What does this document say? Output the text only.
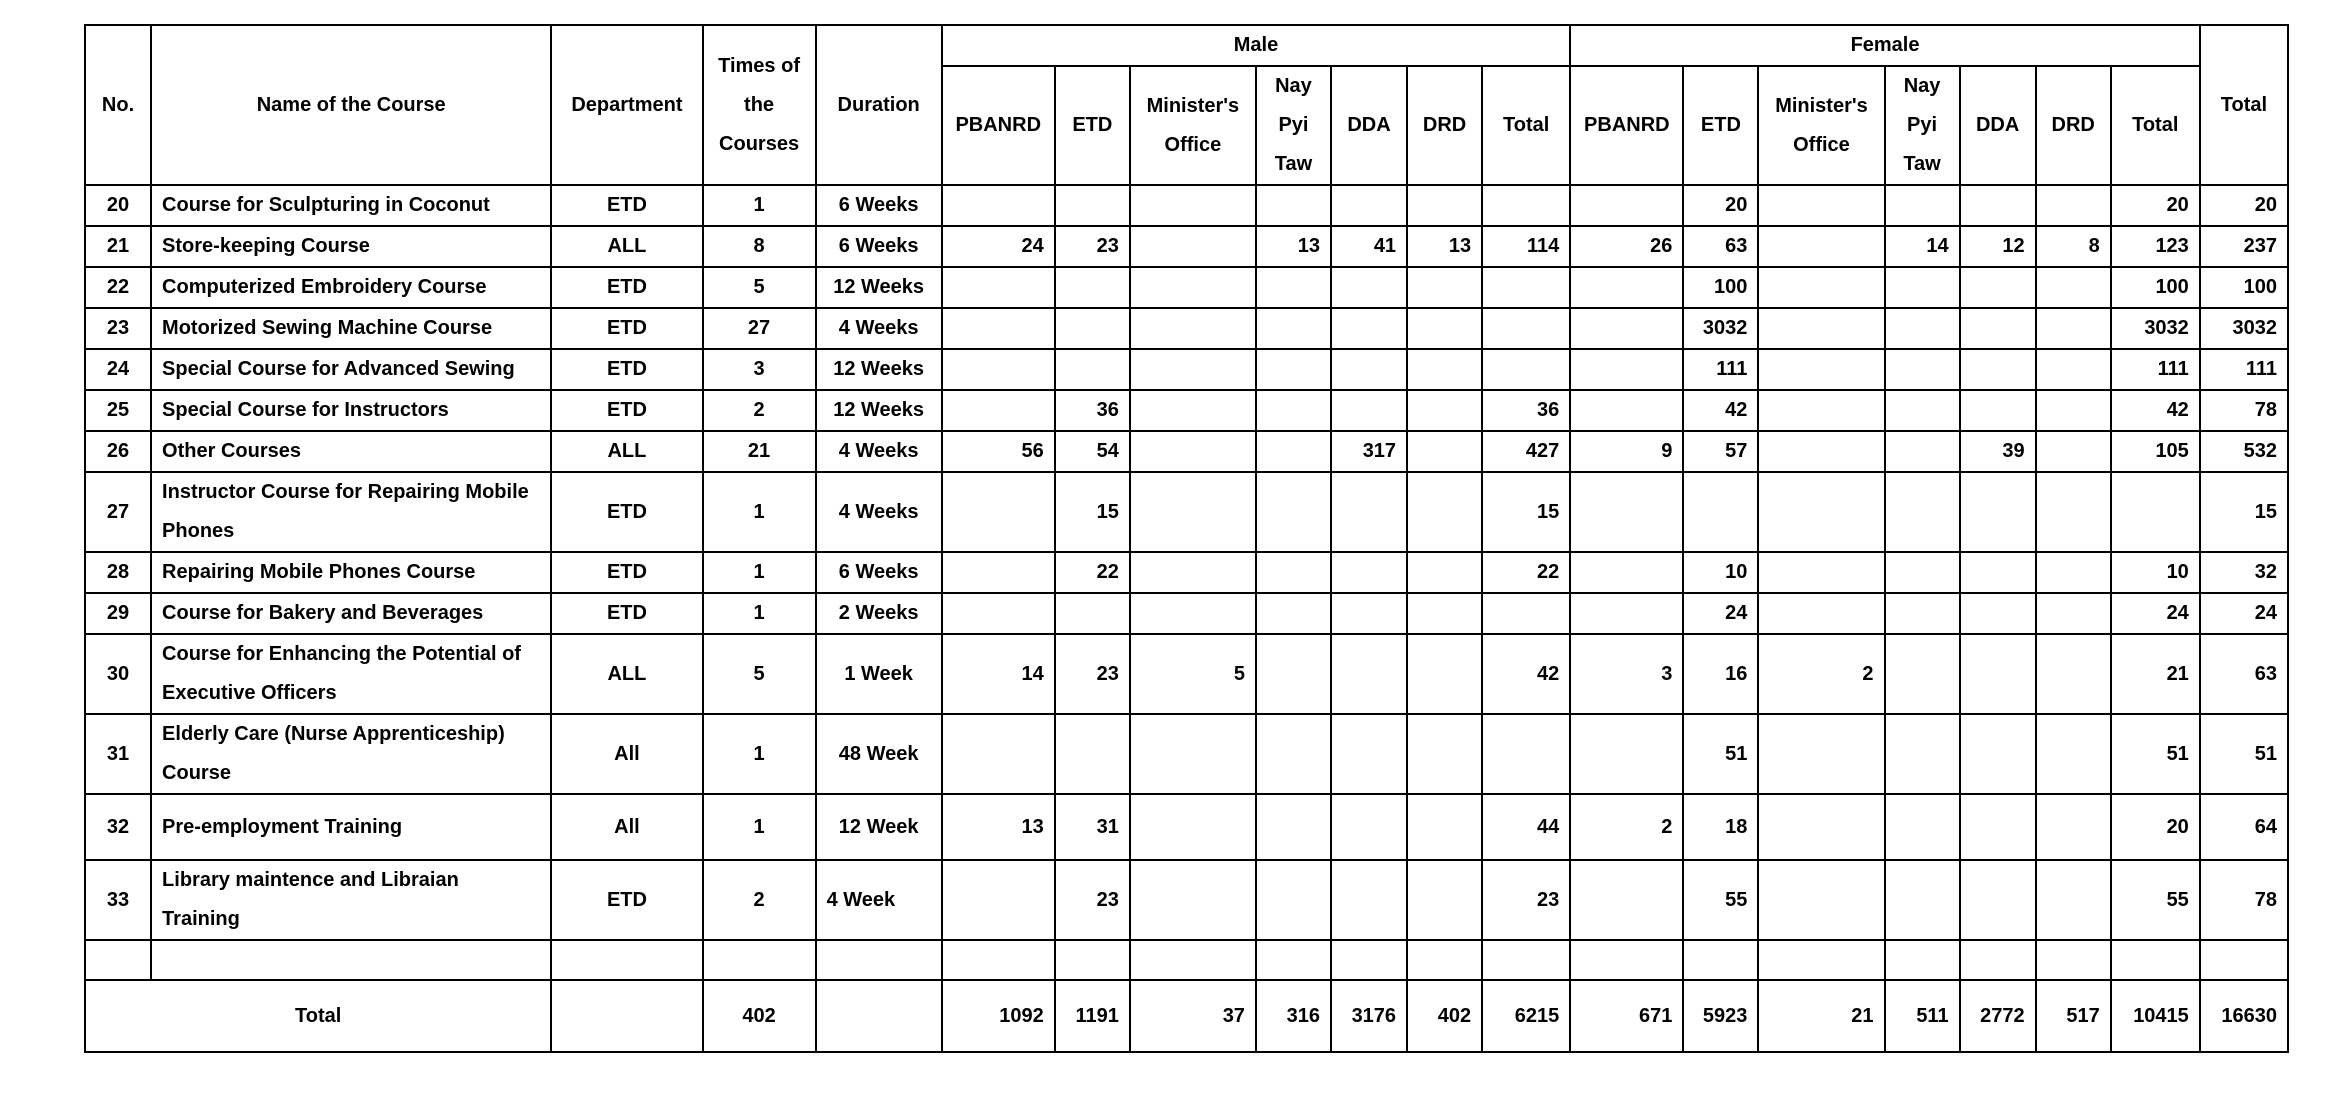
No.	Name of the Course	Department	Times of the Courses	Duration	Male							Female							Total
					PBANRD	ETD	Minister's Office	Nay Pyi Taw	DDA	DRD	Total	PBANRD	ETD	Minister's Office	Nay Pyi Taw	DDA	DRD	Total	
20	Course for Sculpturing in Coconut	ETD	1	6 Weeks									20					20	20
21	Store-keeping Course	ALL	8	6 Weeks	24	23		13	41	13	114	26	63		14	12	8	123	237
22	Computerized Embroidery Course	ETD	5	12 Weeks									100					100	100
23	Motorized Sewing Machine Course	ETD	27	4 Weeks									3032					3032	3032
24	Special Course for Advanced Sewing	ETD	3	12 Weeks									111					111	111
25	Special Course for Instructors	ETD	2	12 Weeks		36					36		42					42	78
26	Other Courses	ALL	21	4 Weeks	56	54			317		427	9	57			39		105	532
27	Instructor Course for Repairing Mobile Phones	ETD	1	4 Weeks		15					15								15
28	Repairing Mobile Phones Course	ETD	1	6 Weeks		22					22		10					10	32
29	Course for Bakery and Beverages	ETD	1	2 Weeks									24					24	24
30	Course for Enhancing the Potential of Executive Officers	ALL	5	1 Week	14	23	5				42	3	16	2				21	63
31	Elderly Care (Nurse Apprenticeship) Course	All	1	48 Week									51					51	51
32	Pre-employment Training	All	1	12 Week	13	31					44	2	18					20	64
33	Library maintence and Libraian Training	ETD	2	4 Week		23					23		55					55	78

Total			402		1092	1191	37	316	3176	402	6215	671	5923	21	511	2772	517	10415	16630
